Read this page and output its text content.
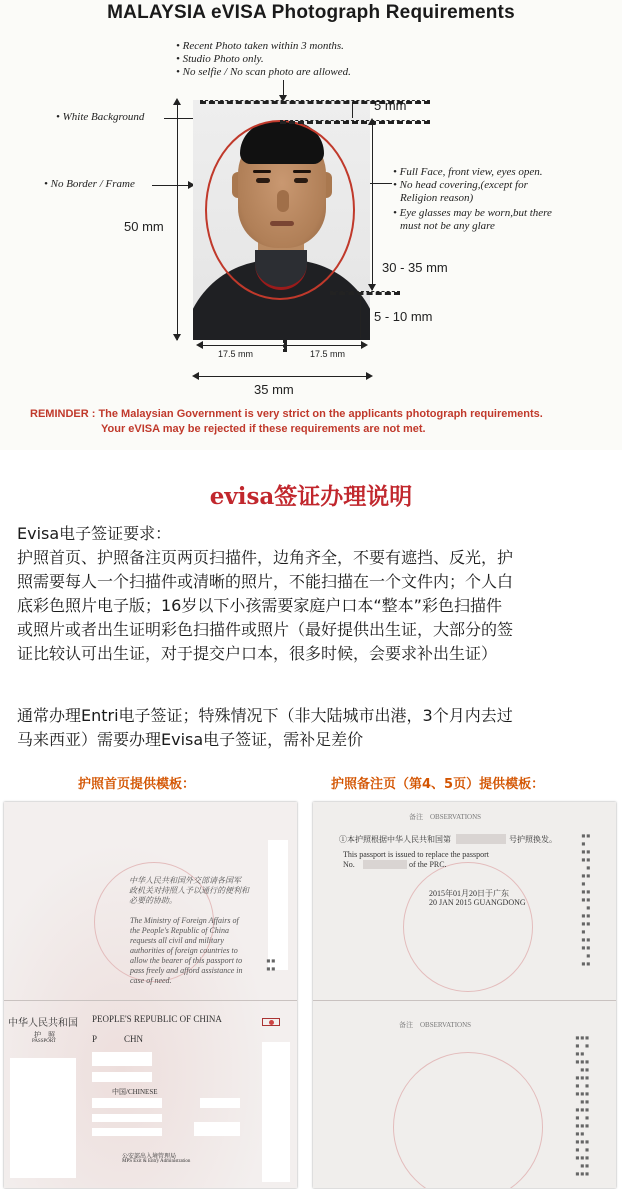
MALAYSIA eVISA Photograph Requirements
• Recent Photo taken within 3 months.
• Studio Photo only.
• No selfie / No scan photo are allowed.
• White Background
• No Border / Frame
• Full Face, front view, eyes open.
• No head covering,(except for
Religion reason)
• Eye glasses may be worn,but there
must not be any glare
5 mm
50 mm
30 - 35 mm
5 - 10 mm
17.5 mm	17.5 mm
35 mm
REMINDER : The Malaysian Government is very strict on the applicants photograph requirements.
Your eVISA may be rejected if these requirements are not met.
evisa签证办理说明
Evisa电子签证要求：
护照首页、护照备注页两页扫描件，边角齐全，不要有遮挡、反光，护
照需要每人一个扫描件或清晰的照片，不能扫描在一个文件内；个人白
底彩色照片电子版；16岁以下小孩需要家庭户口本“整本”彩色扫描件
或照片或者出生证明彩色扫描件或照片（最好提供出生证，大部分的签
证比较认可出生证，对于提交户口本，很多时候，会要求补出生证）
通常办理Entri电子签证；特殊情况下（非大陆城市出港，3个月内去过
马来西亚）需要办理Evisa电子签证，需补足差价
护照首页提供模板：	护照备注页（第4、5页）提供模板：
▪▪
▪▪
中华人民共和国外交部请各国军
政机关对持照人予以通行的便利和
必要的协助。
The Ministry of Foreign Affairs of
the People's Republic of China
requests all civil and military
authorities of foreign countries to
allow the bearer of this passport to
pass freely and afford assistance in
case of need.
中华人民共和国 PEOPLE'S REPUBLIC OF CHINA
护　照
PASSPORT	P	CHN
中国/CHINESE
公安部出入境管理局
MPS Exit & Entry Administration
备注　OBSERVATIONS
①本护照根据中华人民共和国第	号护照换发。
This passport is issued to replace the passport
No.	of the PRC.
2015年01月20日于广东
20 JAN 2015 GUANGDONG
▪▪
▪
▪▪
▪▪
▪
▪▪
▪
▪▪
▪▪
▪
▪▪
▪▪
▪
▪▪
▪▪
▪
▪▪
备注　OBSERVATIONS
▪▪▪
▪ ▪
▪▪
▪▪▪
▪▪
▪▪▪
▪ ▪
▪▪▪
▪▪
▪▪▪
▪ ▪
▪▪▪
▪▪
▪▪▪
▪ ▪
▪▪▪
▪▪
▪▪▪
